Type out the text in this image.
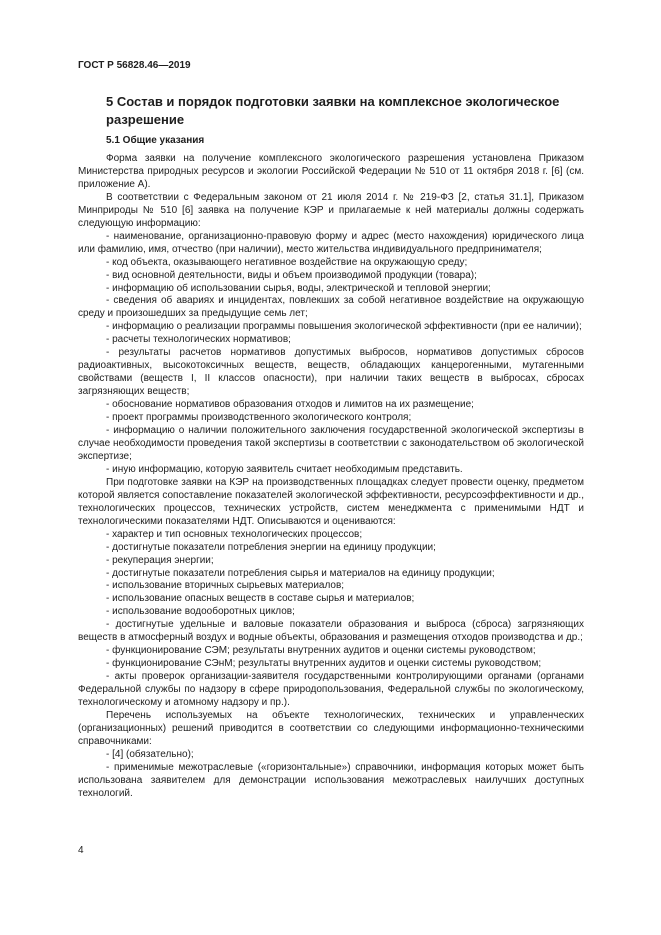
ГОСТ Р 56828.46—2019

5 Состав и порядок подготовки заявки на комплексное экологическое разрешение
5.1 Общие указания

Форма заявки на получение комплексного экологического разрешения установлена Приказом Министерства природных ресурсов и экологии Российской Федерации № 510 от 11 октября 2018 г. [6] (см. приложение А).

В соответствии с Федеральным законом от 21 июля 2014 г. № 219-ФЗ [2, статья 31.1], Приказом Минприроды № 510 [6] заявка на получение КЭР и прилагаемые к ней материалы должны содержать следующую информацию:

- наименование, организационно-правовую форму и адрес (место нахождения) юридического лица или фамилию, имя, отчество (при наличии), место жительства индивидуального предпринимателя;

- код объекта, оказывающего негативное воздействие на окружающую среду;

- вид основной деятельности, виды и объем производимой продукции (товара);

- информацию об использовании сырья, воды, электрической и тепловой энергии;

- сведения об авариях и инцидентах, повлекших за собой негативное воздействие на окружающую среду и произошедших за предыдущие семь лет;

- информацию о реализации программы повышения экологической эффективности (при ее наличии);

- расчеты технологических нормативов;

- результаты расчетов нормативов допустимых выбросов, нормативов допустимых сбросов радиоактивных, высокотоксичных веществ, веществ, обладающих канцерогенными, мутагенными свойствами (веществ I, II классов опасности), при наличии таких веществ в выбросах, сбросах загрязняющих веществ;

- обоснование нормативов образования отходов и лимитов на их размещение;

- проект программы производственного экологического контроля;

- информацию о наличии положительного заключения государственной экологической экспертизы в случае необходимости проведения такой экспертизы в соответствии с законодательством об экологической экспертизе;

- иную информацию, которую заявитель считает необходимым представить.

При подготовке заявки на КЭР на производственных площадках следует провести оценку, предметом которой является сопоставление показателей экологической эффективности, ресурсоэффективности и др., технологических процессов, технических устройств, систем менеджмента с применимыми НДТ и технологическими показателями НДТ. Описываются и оцениваются:

- характер и тип основных технологических процессов;

- достигнутые показатели потребления энергии на единицу продукции;

- рекуперация энергии;

- достигнутые показатели потребления сырья и материалов на единицу продукции;

- использование вторичных сырьевых материалов;

- использование опасных веществ в составе сырья и материалов;

- использование водооборотных циклов;

- достигнутые удельные и валовые показатели образования и выброса (сброса) загрязняющих веществ в атмосферный воздух и водные объекты, образования и размещения отходов производства и др.;

- функционирование СЭМ; результаты внутренних аудитов и оценки системы руководством;

- функционирование СЭнМ; результаты внутренних аудитов и оценки системы руководством;

- акты проверок организации-заявителя государственными контролирующими органами (органами Федеральной службы по надзору в сфере природопользования, Федеральной службы по экологическому, технологическому и атомному надзору и пр.).

Перечень используемых на объекте технологических, технических и управленческих (организационных) решений приводится в соответствии со следующими информационно-техническими справочниками:

- [4] (обязательно);

- применимые межотраслевые («горизонтальные») справочники, информация которых может быть использована заявителем для демонстрации использования межотраслевых наилучших доступных технологий.

4
